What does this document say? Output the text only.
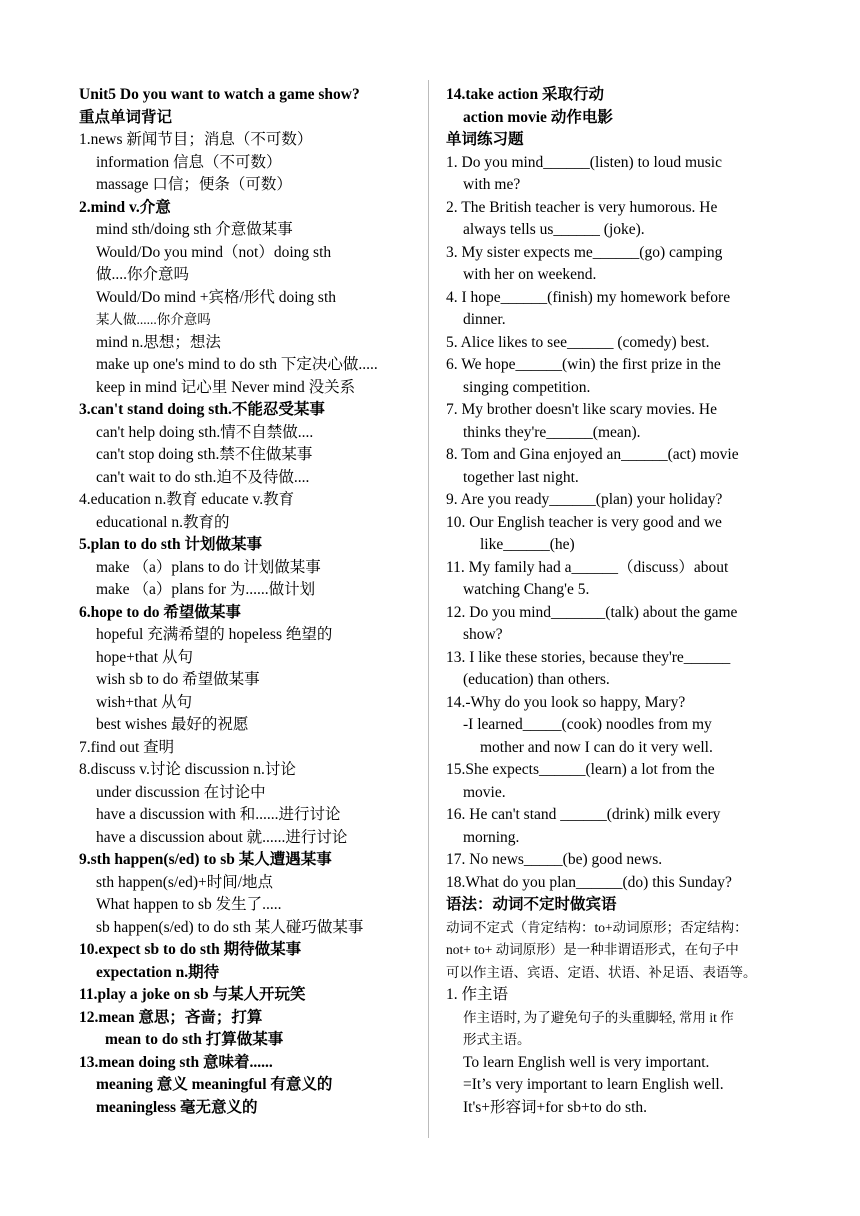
Unit5 Do you want to watch a game show?
重点单词背记
1.news 新闻节目；消息（不可数）
information 信息（不可数）
massage 口信；便条（可数）
2.mind v.介意
mind sth/doing sth 介意做某事
Would/Do you mind（not）doing sth
做....你介意吗
Would/Do mind +宾格/形代 doing sth
某人做......你介意吗
mind n.思想；想法
make up one's mind to do sth 下定决心做.....
keep in mind 记心里 Never mind 没关系
3.can't stand doing sth.不能忍受某事
can't help doing sth.情不自禁做....
can't stop doing sth.禁不住做某事
can't wait to do sth.迫不及待做....
4.education n.教育 educate v.教育
educational n.教育的
5.plan to do sth 计划做某事
make （a）plans to do 计划做某事
make （a）plans for 为......做计划
6.hope to do 希望做某事
hopeful 充满希望的 hopeless 绝望的
hope+that 从句
wish sb to do 希望做某事
wish+that 从句
best wishes 最好的祝愿
7.find out 查明
8.discuss v.讨论 discussion n.讨论
under discussion 在讨论中
have a discussion with 和......进行讨论
have a discussion about 就......进行讨论
9.sth happen(s/ed) to sb 某人遭遇某事
sth happen(s/ed)+时间/地点
What happen to sb 发生了.....
sb happen(s/ed) to do sth 某人碰巧做某事
10.expect sb to do sth 期待做某事
expectation n.期待
11.play a joke on sb 与某人开玩笑
12.mean 意思；吝啬；打算
mean to do sth 打算做某事
13.mean doing sth 意味着......
meaning 意义 meaningful 有意义的
meaningless 毫无意义的
14.take action 采取行动
action movie 动作电影
单词练习题
1. Do you mind______(listen) to loud music
with me?
2. The British teacher is very humorous. He
always tells us______ (joke).
3. My sister expects me______(go) camping
with her on weekend.
4. I hope______(finish) my homework before
dinner.
5. Alice likes to see______ (comedy) best.
6. We hope______(win) the first prize in the
singing competition.
7. My brother doesn't like scary movies. He
thinks they're______(mean).
8. Tom and Gina enjoyed an______(act) movie
together last night.
9. Are you ready______(plan) your holiday?
10. Our English teacher is very good and we
like______(he)
11. My family had a______（discuss）about
watching Chang'e 5.
12. Do you mind_______(talk) about the game
show?
13. I like these stories, because they're______
(education) than others.
14.-Why do you look so happy, Mary?
-I learned_____(cook) noodles from my
mother and now I can do it very well.
15.She expects______(learn) a lot from the
movie.
16. He can't stand ______(drink) milk every
morning.
17. No news_____(be) good news.
18.What do you plan______(do) this Sunday?
语法：动词不定时做宾语
动词不定式（肯定结构：to+动词原形；否定结构：
not+ to+ 动词原形）是一种非谓语形式，在句子中
可以作主语、宾语、定语、状语、补足语、表语等。
1. 作主语
作主语时, 为了避免句子的头重脚轻, 常用 it 作
形式主语。
To learn English well is very important.
=It’s very important to learn English well.
It's+形容词+for sb+to do sth.
